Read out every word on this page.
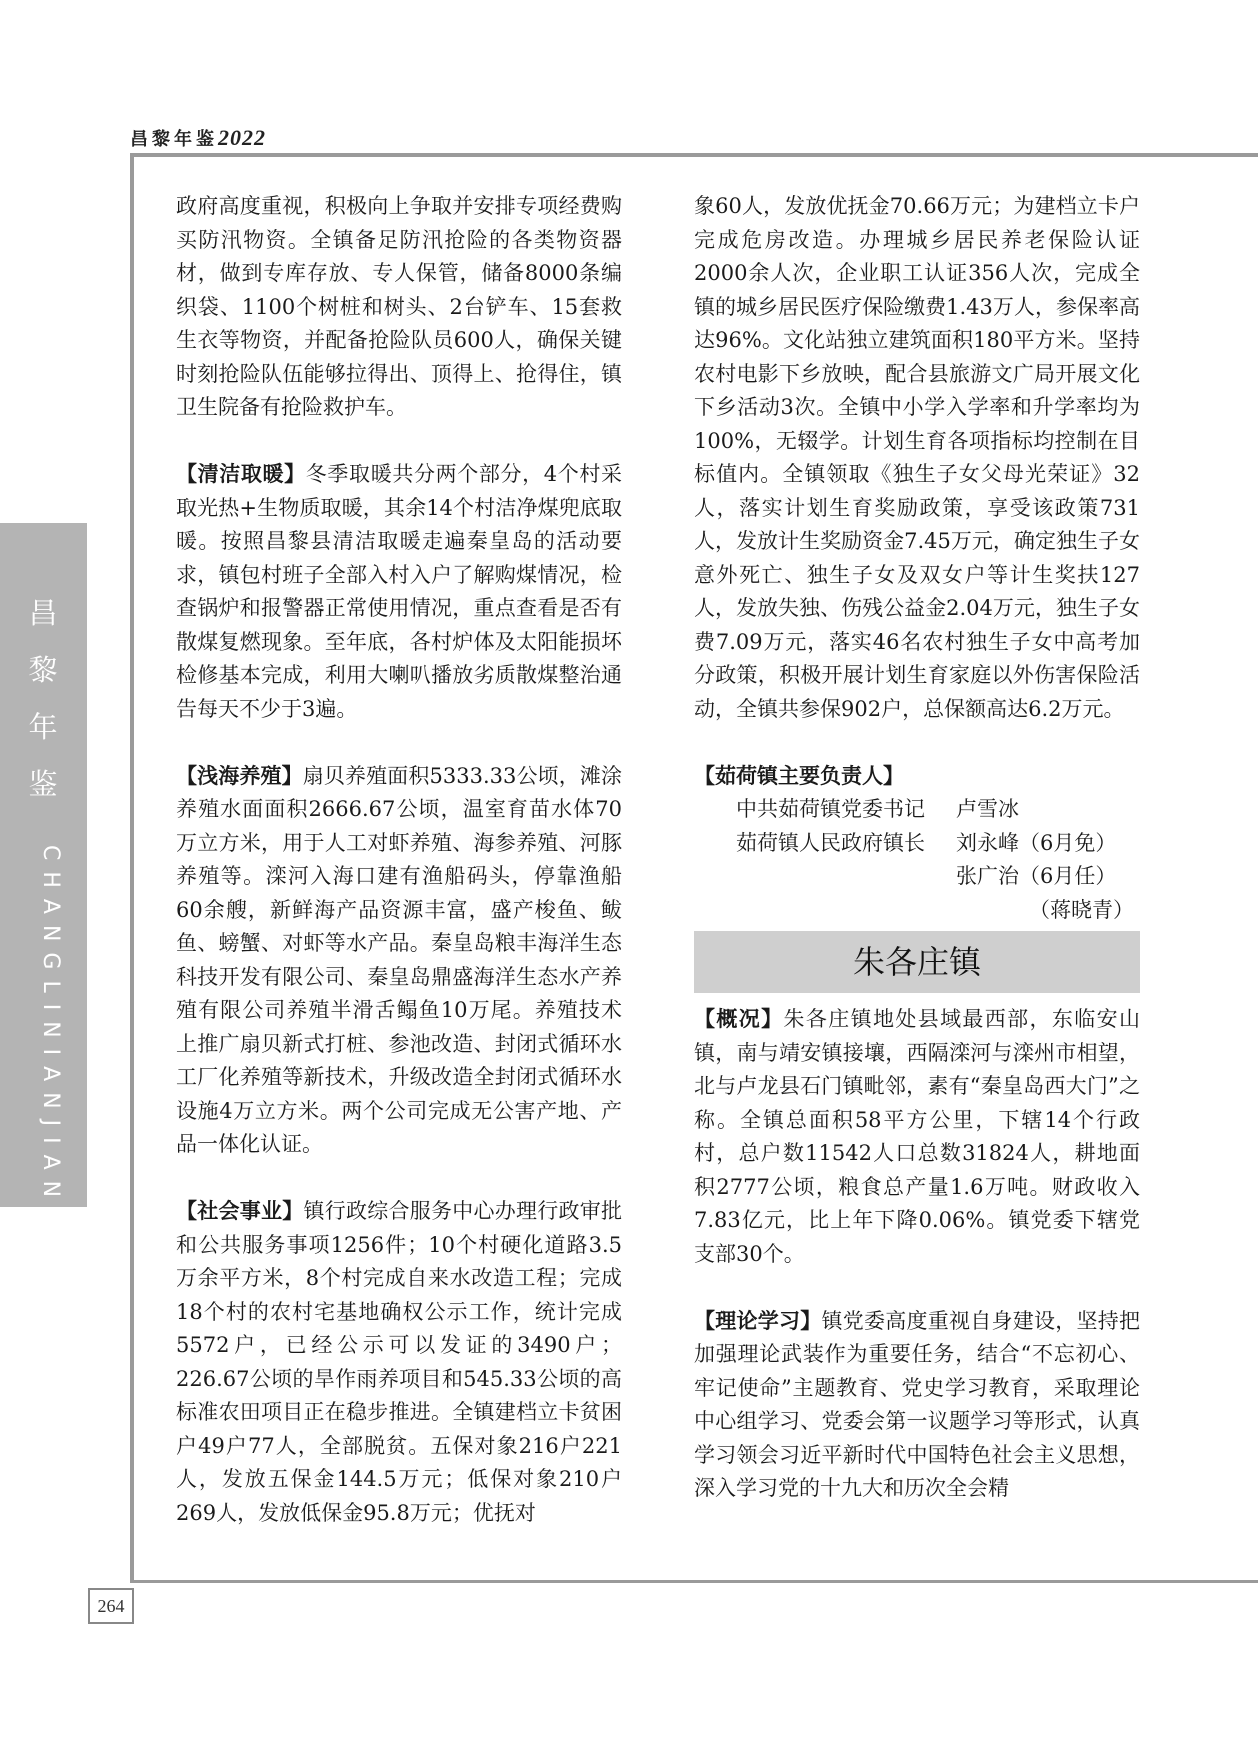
昌黎年鉴2022
昌
黎
年
鉴
CHANGLINIANJIAN
264

政府高度重视，积极向上争取并安排专项经费购买防汛物资。全镇备足防汛抢险的各类物资器材，做到专库存放、专人保管，储备8000条编织袋、1100个树桩和树头、2台铲车、15套救生衣等物资，并配备抢险队员600人，确保关键时刻抢险队伍能够拉得出、顶得上、抢得住，镇卫生院备有抢险救护车。

【清洁取暖】冬季取暖共分两个部分，4个村采取光热+生物质取暖，其余14个村洁净煤兜底取暖。按照昌黎县清洁取暖走遍秦皇岛的活动要求，镇包村班子全部入村入户了解购煤情况，检查锅炉和报警器正常使用情况，重点查看是否有散煤复燃现象。至年底，各村炉体及太阳能损坏检修基本完成，利用大喇叭播放劣质散煤整治通告每天不少于3遍。

【浅海养殖】扇贝养殖面积5333.33公顷，滩涂养殖水面面积2666.67公顷，温室育苗水体70万立方米，用于人工对虾养殖、海参养殖、河豚养殖等。滦河入海口建有渔船码头，停靠渔船60余艘，新鲜海产品资源丰富，盛产梭鱼、鲅鱼、螃蟹、对虾等水产品。秦皇岛粮丰海洋生态科技开发有限公司、秦皇岛鼎盛海洋生态水产养殖有限公司养殖半滑舌鳎鱼10万尾。养殖技术上推广扇贝新式打桩、参池改造、封闭式循环水工厂化养殖等新技术，升级改造全封闭式循环水设施4万立方米。两个公司完成无公害产地、产品一体化认证。

【社会事业】镇行政综合服务中心办理行政审批和公共服务事项1256件；10个村硬化道路3.5万余平方米，8个村完成自来水改造工程；完成18个村的农村宅基地确权公示工作，统计完成5572户，已经公示可以发证的3490户；226.67公顷的旱作雨养项目和545.33公顷的高标准农田项目正在稳步推进。全镇建档立卡贫困户49户77人，全部脱贫。五保对象216户221人，发放五保金144.5万元；低保对象210户269人，发放低保金95.8万元；优抚对

象60人，发放优抚金70.66万元；为建档立卡户完成危房改造。办理城乡居民养老保险认证2000余人次，企业职工认证356人次，完成全镇的城乡居民医疗保险缴费1.43万人，参保率高达96%。文化站独立建筑面积180平方米。坚持农村电影下乡放映，配合县旅游文广局开展文化下乡活动3次。全镇中小学入学率和升学率均为100%，无辍学。计划生育各项指标均控制在目标值内。全镇领取《独生子女父母光荣证》32人，落实计划生育奖励政策，享受该政策731人，发放计生奖励资金7.45万元，确定独生子女意外死亡、独生子女及双女户等计生奖扶127人，发放失独、伤残公益金2.04万元，独生子女费7.09万元，落实46名农村独生子女中高考加分政策，积极开展计划生育家庭以外伤害保险活动，全镇共参保902户，总保额高达6.2万元。

【茹荷镇主要负责人】

中共茹荷镇党委书记	卢雪冰
茹荷镇人民政府镇长	刘永峰（6月免）
张广治（6月任）
（蒋晓青）
朱各庄镇

【概况】朱各庄镇地处县域最西部，东临安山镇，南与靖安镇接壤，西隔滦河与滦州市相望，北与卢龙县石门镇毗邻，素有“秦皇岛西大门”之称。全镇总面积58平方公里，下辖14个行政村，总户数11542人口总数31824人，耕地面积2777公顷，粮食总产量1.6万吨。财政收入7.83亿元，比上年下降0.06%。镇党委下辖党支部30个。

【理论学习】镇党委高度重视自身建设，坚持把加强理论武装作为重要任务，结合“不忘初心、牢记使命”主题教育、党史学习教育，采取理论中心组学习、党委会第一议题学习等形式，认真学习领会习近平新时代中国特色社会主义思想，深入学习党的十九大和历次全会精
